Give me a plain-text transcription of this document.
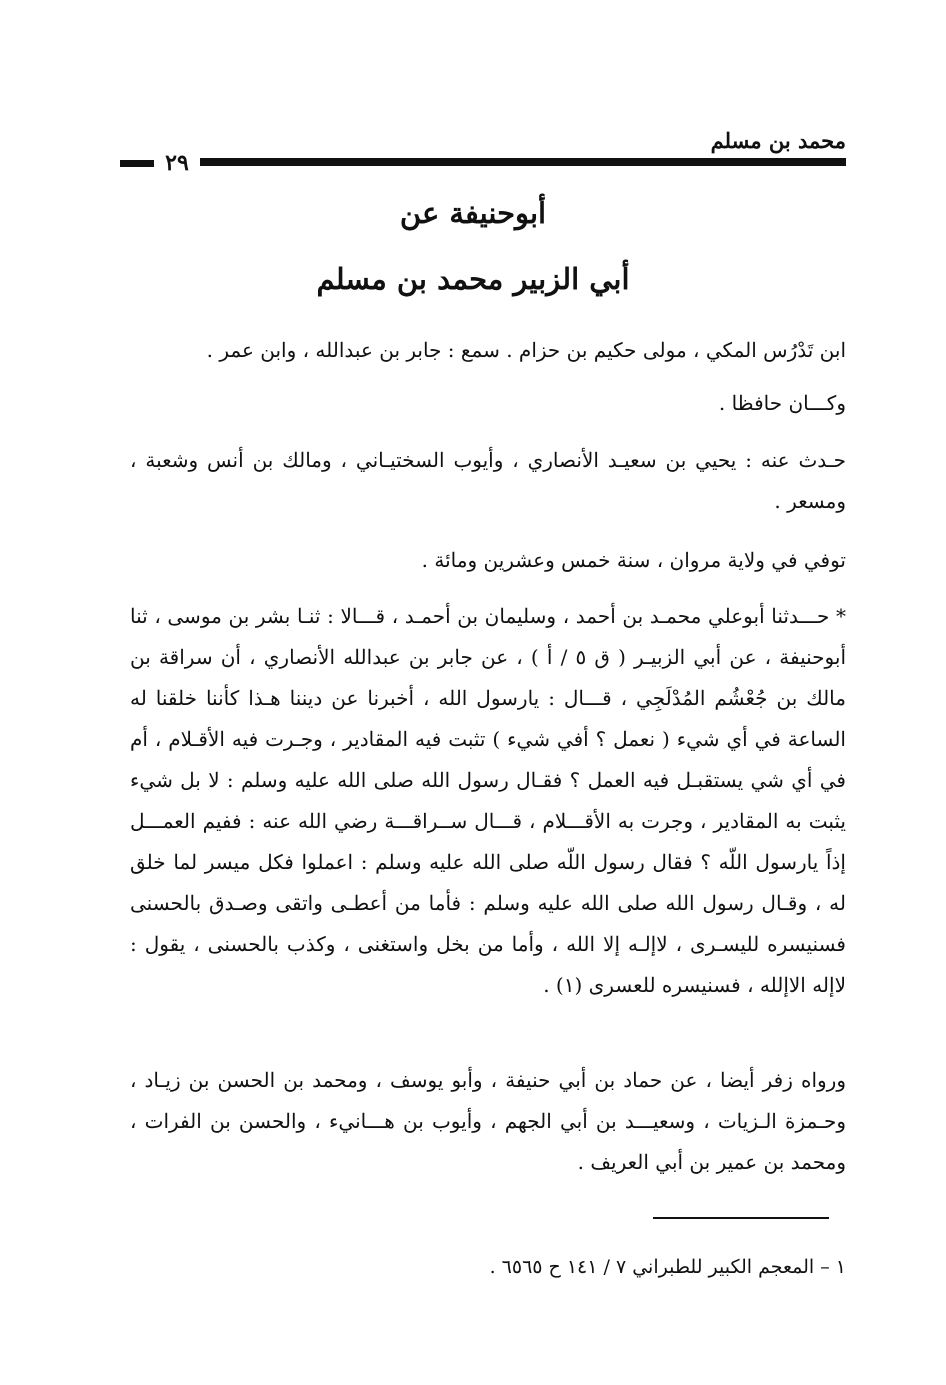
محمد بن مسلم
٢٩
أبوحنيفة عن
أبي الزبير محمد بن مسلم

ابن تَدْرُس المكي ، مولى حكيم بن حزام . سمع : جابر بن عبدالله ، وابن عمر .

وكـــان حافظا .

حـدث عنه : يحيي بن سعيـد الأنصاري ، وأيوب السختيـاني ، ومالك بن أنس وشعبة ، ومسعر .

توفي في ولاية مروان ، سنة خمس وعشرين ومائة .

* حـــدثنا أبوعلي محمـد بن أحمد ، وسليمان بن أحمـد ، قـــالا : ثنـا بشر بن موسى ، ثنا أبوحنيفة ، عن أبي الزبيـر ( ق ٥ / أ ) ، عن جابر بن عبدالله الأنصاري ، أن سراقة بن مالك بن جُعْشُم المُدْلَجِي ، قـــال : يارسول الله ، أخبرنا عن ديننا هـذا كأننا خلقنا له الساعة في أي شيء ( نعمل ؟ أفي شيء ) تثبت فيه المقادير ، وجـرت فيه الأقـلام ، أم في أي شي يستقبـل فيه العمل ؟ فقـال رسول الله صلى الله عليه وسلم : لا بل شيء يثبت به المقادير ، وجرت به الأقـــلام ، قـــال ســراقـــة رضي الله عنه : ففيم العمـــل إذاً يارسول اللّه ؟ فقال رسول اللّه صلى الله عليه وسلم : اعملوا فكل ميسر لما خلق له ، وقـال رسول الله صلى الله عليه وسلم : فأما من أعطـى واتقى وصـدق بالحسنى فسنيسره لليسـرى ، لاإلـه إلا الله ، وأما من بخل واستغنى ، وكذب بالحسنى ، يقول : لاإله الاإلله ، فسنيسره للعسرى (١) .

ورواه زفر أيضا ، عن حماد بن أبي حنيفة ، وأبو يوسف ، ومحمد بن الحسن بن زيـاد ، وحـمزة الـزيات ، وسعيـــد بن أبي الجهم ، وأيوب بن هـــانيء ، والحسن بن الفرات ، ومحمد بن عمير بن أبي العريف .

١ – المعجم الكبير للطبراني ٧ / ١٤١ ح ٦٥٦٥ .
